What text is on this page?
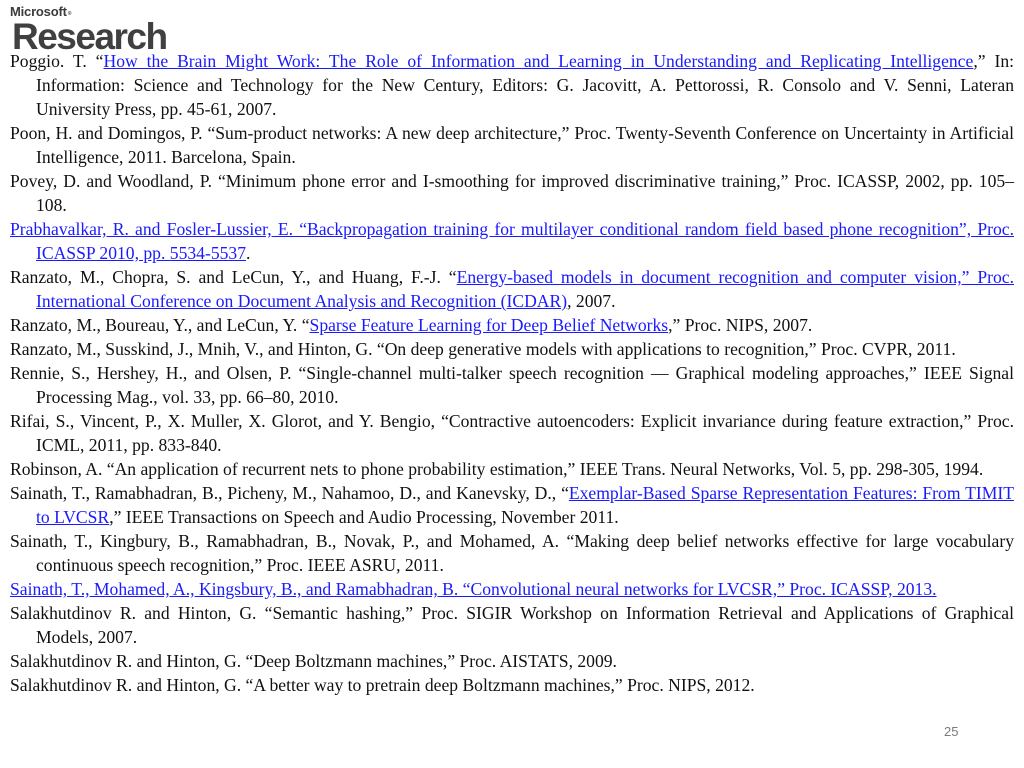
Microsoft®
Research

Poggio. T. “How the Brain Might Work: The Role of Information and Learning in Understanding and Replicating Intelligence,” In: Information: Science and Technology for the New Century, Editors: G. Jacovitt, A. Pettorossi, R. Consolo and V. Senni, Lateran University Press, pp. 45-61, 2007.

Poon, H. and Domingos, P. “Sum-product networks: A new deep architecture,” Proc. Twenty-Seventh Conference on Uncertainty in Artificial Intelligence, 2011. Barcelona, Spain.

Povey, D. and Woodland, P. “Minimum phone error and I-smoothing for improved discriminative training,” Proc. ICASSP, 2002, pp. 105–108.

Prabhavalkar, R. and Fosler-Lussier, E. “Backpropagation training for multilayer conditional random field based phone recognition”, Proc. ICASSP 2010, pp. 5534-5537.

Ranzato, M., Chopra, S. and LeCun, Y., and Huang, F.-J. “Energy-based models in document recognition and computer vision,” Proc. International Conference on Document Analysis and Recognition (ICDAR), 2007.

Ranzato, M., Boureau, Y., and LeCun, Y. “Sparse Feature Learning for Deep Belief Networks,” Proc. NIPS, 2007.

Ranzato, M., Susskind, J., Mnih, V., and Hinton, G. “On deep generative models with applications to recognition,” Proc. CVPR, 2011.

Rennie, S., Hershey, H., and Olsen, P. “Single-channel multi-talker speech recognition — Graphical modeling approaches,” IEEE Signal Processing Mag., vol. 33, pp. 66–80, 2010.

Rifai, S., Vincent, P., X. Muller, X. Glorot, and Y. Bengio, “Contractive autoencoders: Explicit invariance during feature extraction,” Proc. ICML, 2011, pp. 833-840.

Robinson, A. “An application of recurrent nets to phone probability estimation,” IEEE Trans. Neural Networks, Vol. 5, pp. 298-305, 1994.

Sainath, T., Ramabhadran, B., Picheny, M., Nahamoo, D., and Kanevsky, D., “Exemplar-Based Sparse Representation Features: From TIMIT to LVCSR,” IEEE Transactions on Speech and Audio Processing, November 2011.

Sainath, T., Kingbury, B., Ramabhadran, B., Novak, P., and Mohamed, A. “Making deep belief networks effective for large vocabulary continuous speech recognition,” Proc. IEEE ASRU, 2011.

Sainath, T., Mohamed, A., Kingsbury, B., and Ramabhadran, B. “Convolutional neural networks for LVCSR,” Proc. ICASSP, 2013.

Salakhutdinov R. and Hinton, G. “Semantic hashing,” Proc. SIGIR Workshop on Information Retrieval and Applications of Graphical Models, 2007.

Salakhutdinov R. and Hinton, G. “Deep Boltzmann machines,” Proc. AISTATS, 2009.

Salakhutdinov R. and Hinton, G. “A better way to pretrain deep Boltzmann machines,” Proc. NIPS, 2012.

25
